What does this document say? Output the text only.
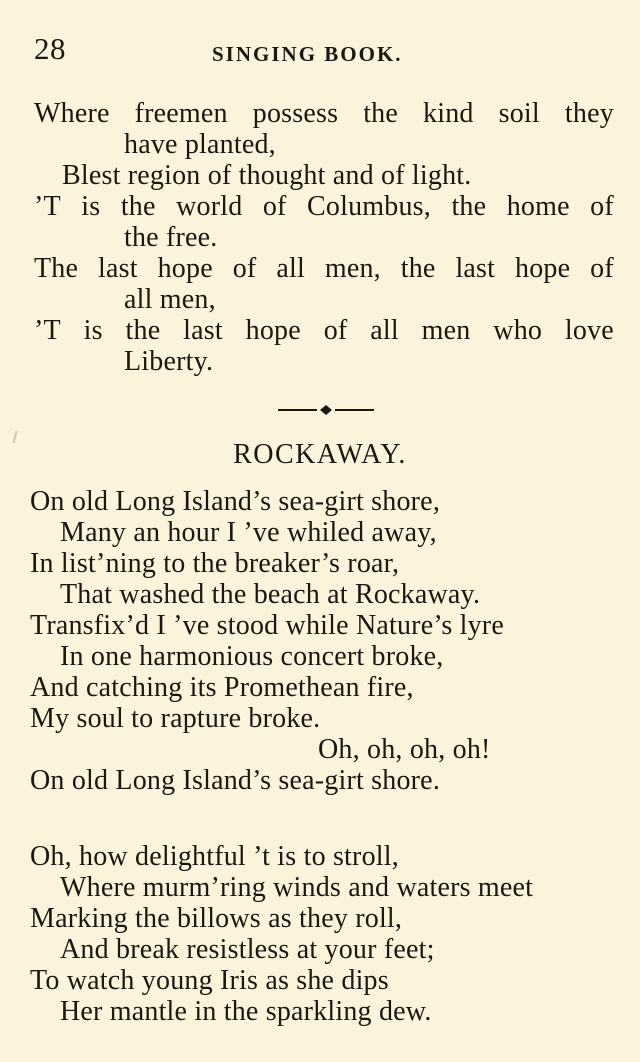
28	SINGING BOOK.
Where freemen possess the kind soil they
have planted,
Blest region of thought and of light.
’T is the world of Columbus, the home of
the free.
The last hope of all men, the last hope of
all men,
’T is the last hope of all men who love
Liberty.
ROCKAWAY.
On old Long Island’s sea-girt shore,
Many an hour I ’ve whiled away,
In list’ning to the breaker’s roar,
That washed the beach at Rockaway.
Transfix’d I ’ve stood while Nature’s lyre
In one harmonious concert broke,
And catching its Promethean fire,
My soul to rapture broke.
Oh, oh, oh, oh!
On old Long Island’s sea-girt shore.
Oh, how delightful ’t is to stroll,
Where murm’ring winds and waters meet
Marking the billows as they roll,
And break resistless at your feet;
To watch young Iris as she dips
Her mantle in the sparkling dew.
